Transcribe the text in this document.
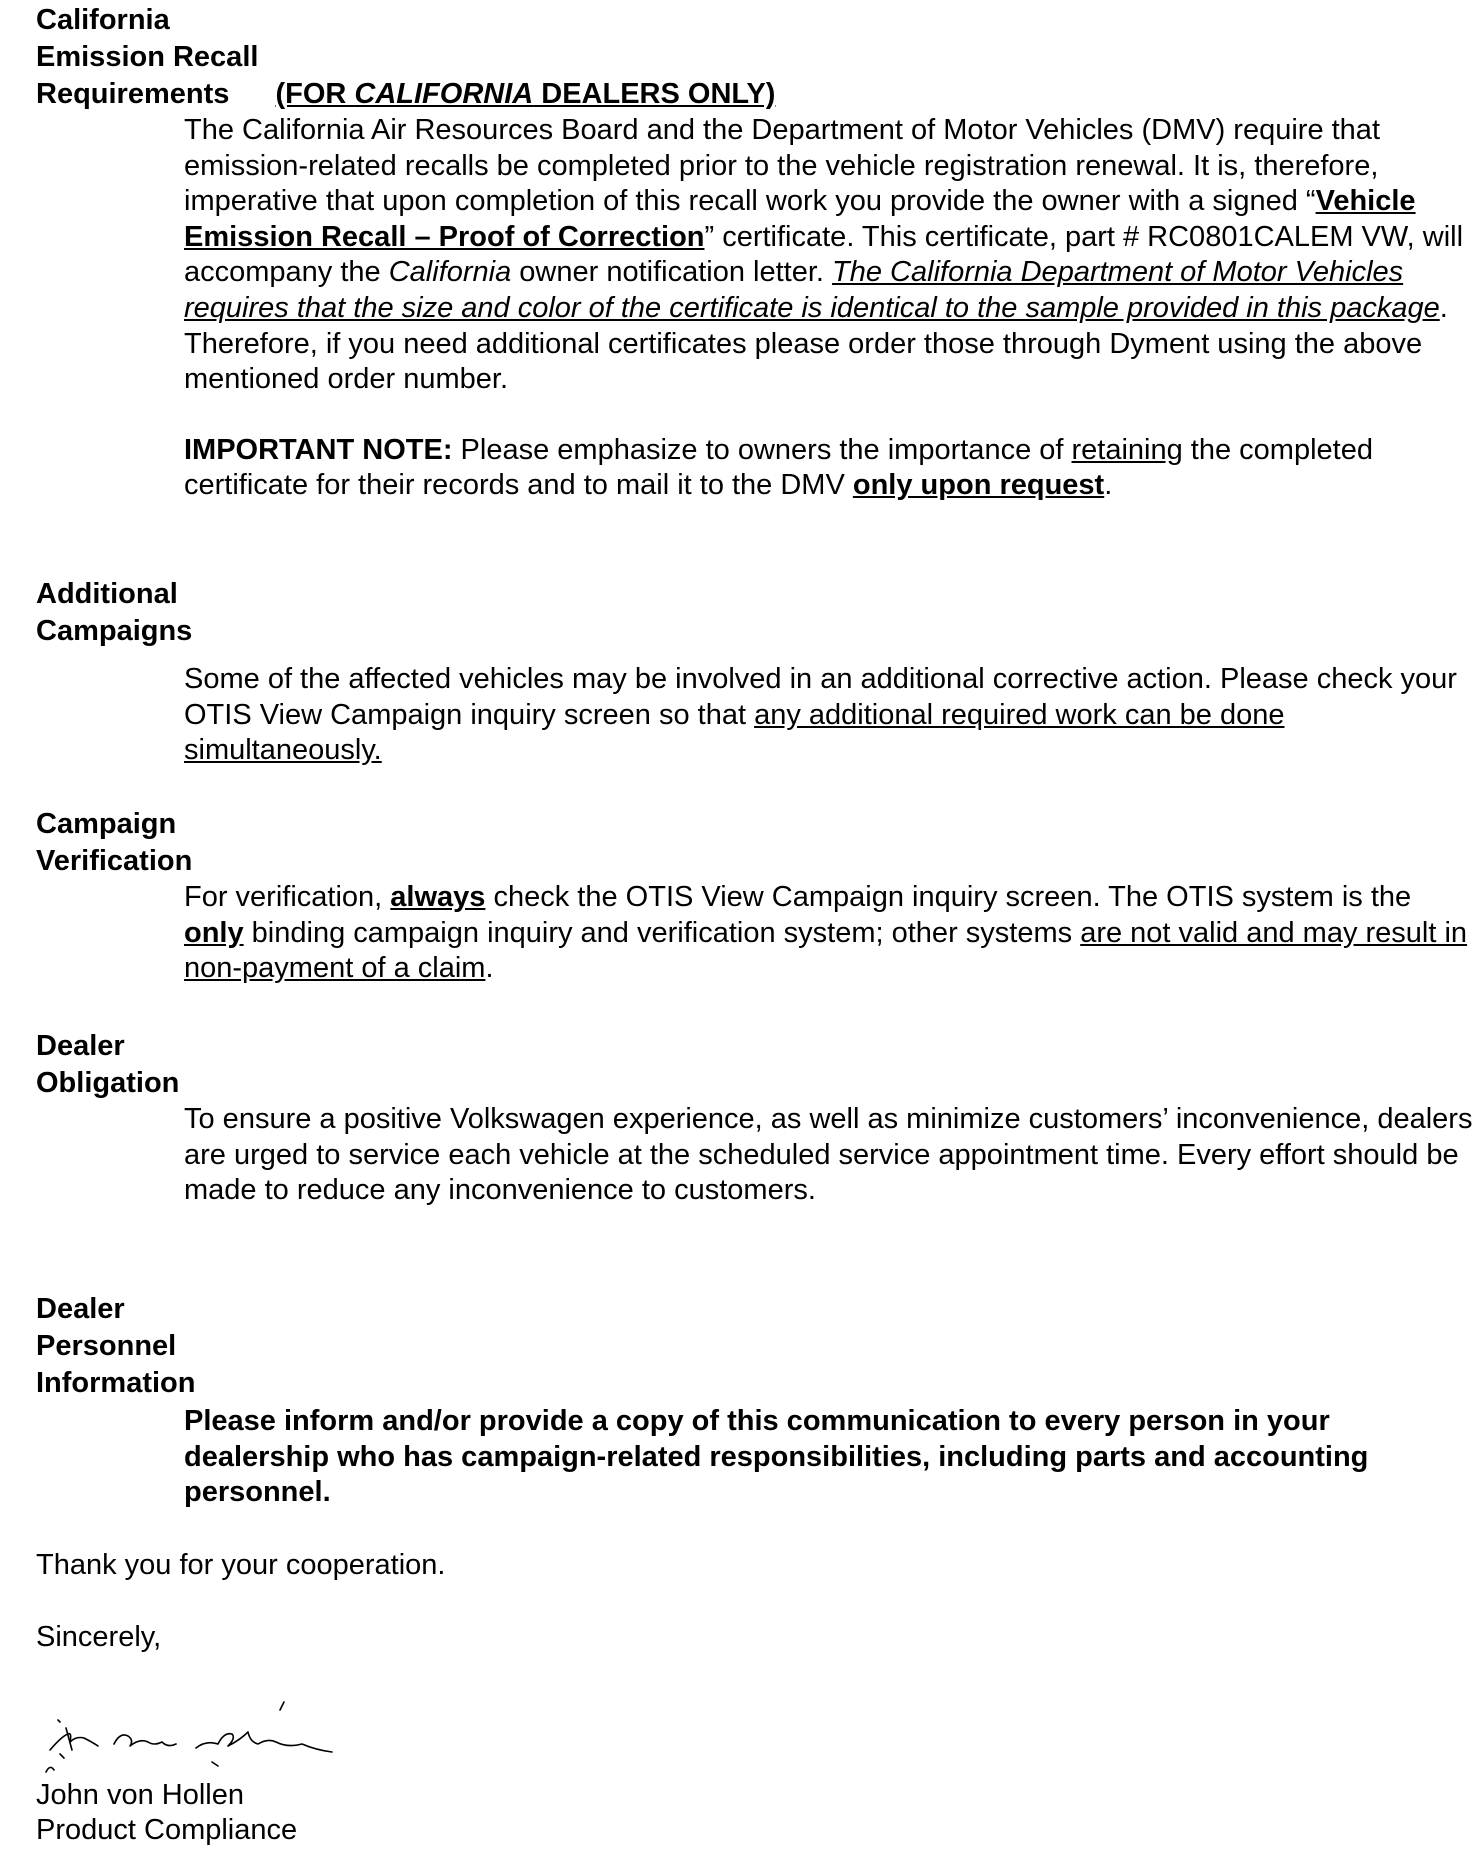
California
Emission Recall
Requirements (FOR CALIFORNIA DEALERS ONLY)

The California Air Resources Board and the Department of Motor Vehicles (DMV) require that emission-related recalls be completed prior to the vehicle registration renewal. It is, therefore, imperative that upon completion of this recall work you provide the owner with a signed “Vehicle Emission Recall – Proof of Correction” certificate. This certificate, part # RC0801CALEM VW, will accompany the California owner notification letter. The California Department of Motor Vehicles requires that the size and color of the certificate is identical to the sample provided in this package. Therefore, if you need additional certificates please order those through Dyment using the above mentioned order number.

IMPORTANT NOTE: Please emphasize to owners the importance of retaining the completed certificate for their records and to mail it to the DMV only upon request.

Additional
Campaigns

Some of the affected vehicles may be involved in an additional corrective action. Please check your OTIS View Campaign inquiry screen so that any additional required work can be done simultaneously.

Campaign
Verification

For verification, always check the OTIS View Campaign inquiry screen. The OTIS system is the only binding campaign inquiry and verification system; other systems are not valid and may result in non-payment of a claim.

Dealer
Obligation

To ensure a positive Volkswagen experience, as well as minimize customers’ inconvenience, dealers are urged to service each vehicle at the scheduled service appointment time. Every effort should be made to reduce any inconvenience to customers.

Dealer
Personnel
Information

Please inform and/or provide a copy of this communication to every person in your dealership who has campaign-related responsibilities, including parts and accounting personnel.

Thank you for your cooperation.
Sincerely,
John von Hollen
Product Compliance
